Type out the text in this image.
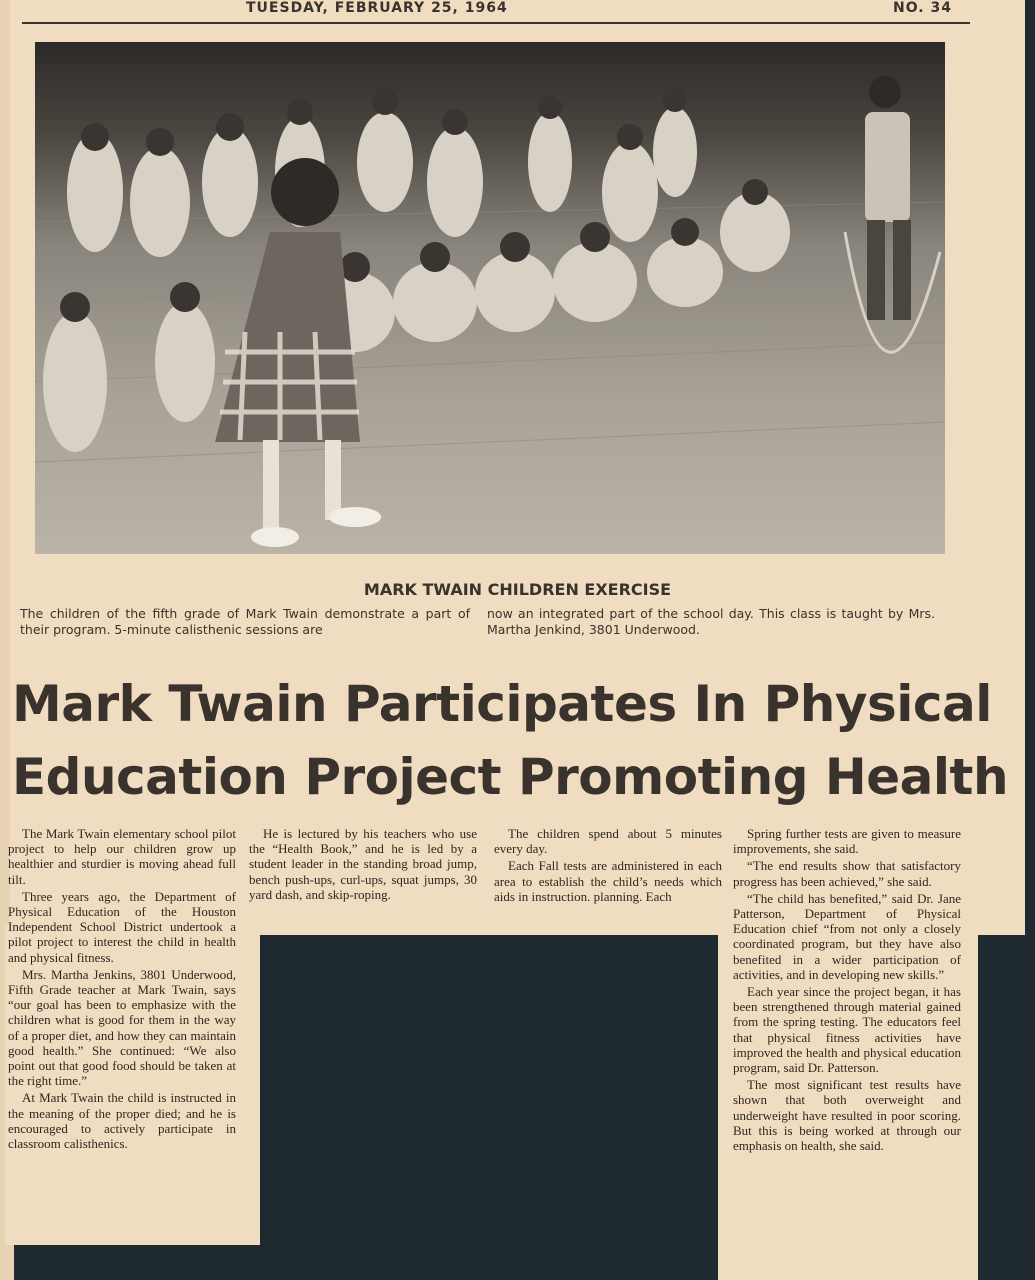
TUESDAY, FEBRUARY 25, 1964	NO. 34
MARK TWAIN CHILDREN EXERCISE
The children of the fifth grade of Mark Twain demonstrate a part of their program. 5-minute calisthenic sessions are
now an integrated part of the school day. This class is taught by Mrs. Martha Jenkind, 3801 Underwood.
Mark Twain Participates In Physical
Education Project Promoting Health

The Mark Twain elementary school pilot project to help our children grow up healthier and sturdier is moving ahead full tilt.

Three years ago, the Department of Physical Education of the Houston Independent School District undertook a pilot project to interest the child in health and physical fitness.

Mrs. Martha Jenkins, 3801 Underwood, Fifth Grade teacher at Mark Twain, says “our goal has been to emphasize with the children what is good for them in the way of a proper diet, and how they can maintain good health.” She continued: “We also point out that good food should be taken at the right time.”

At Mark Twain the child is instructed in the meaning of the proper died; and he is encouraged to actively participate in classroom calisthenics.

He is lectured by his teachers who use the “Health Book,” and he is led by a student leader in the standing broad jump, bench push-ups, curl-ups, squat jumps, 30 yard dash, and skip-roping.

The children spend about 5 minutes every day.

Each Fall tests are administered in each area to establish the child’s needs which aids in instruction. planning. Each

Spring further tests are given to measure improvements, she said.

“The end results show that satisfactory progress has been achieved,” she said.

“The child has benefited,” said Dr. Jane Patterson, Department of Physical Education chief “from not only a closely coordinated program, but they have also benefited in a wider participation of activities, and in developing new skills.”

Each year since the project began, it has been strengthened through material gained from the spring testing. The educators feel that physical fitness activities have improved the health and physical education program, said Dr. Patterson.

The most significant test results have shown that both overweight and underweight have resulted in poor scoring. But this is being worked at through our emphasis on health, she said.
